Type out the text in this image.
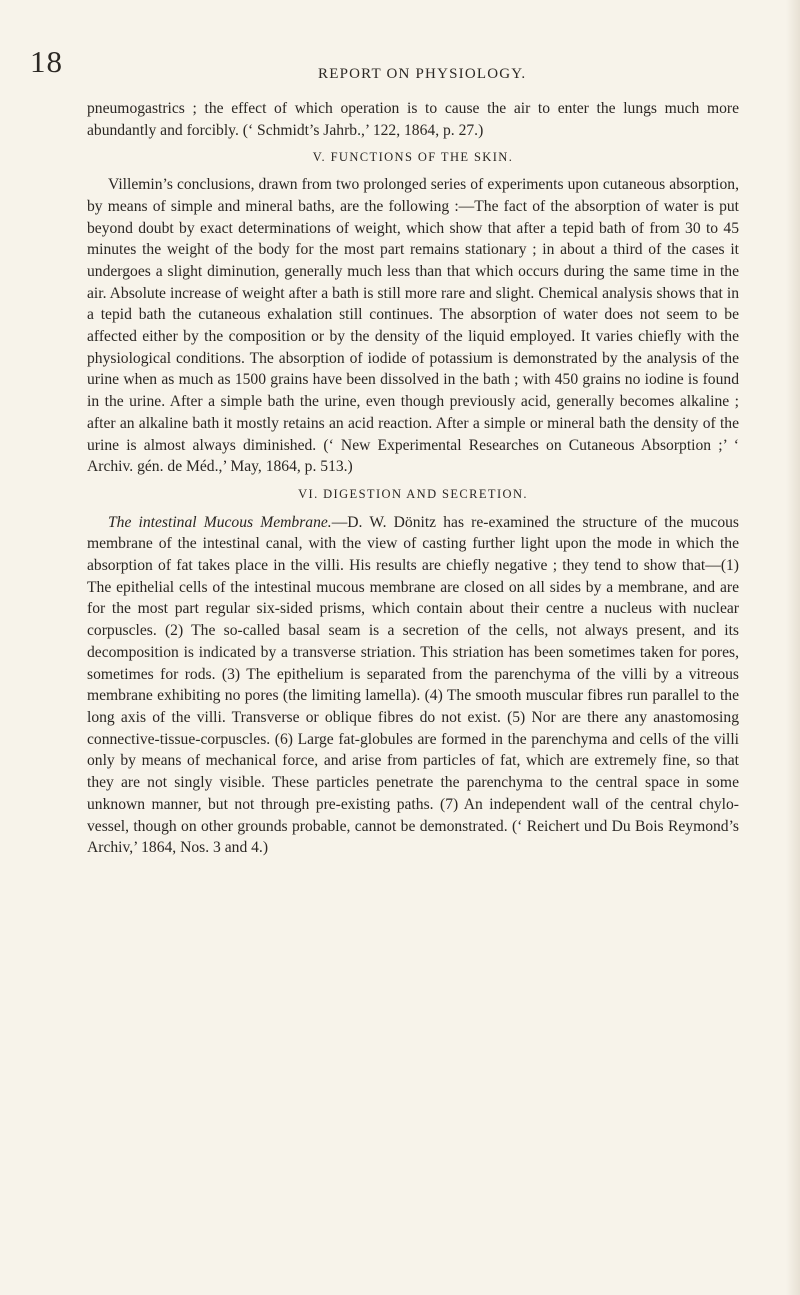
18	REPORT ON PHYSIOLOGY.

pneumogastrics ; the effect of which operation is to cause the air to enter the lungs much more abundantly and forcibly. (‘ Schmidt’s Jahrb.,’ 122, 1864, p. 27.)

V. FUNCTIONS OF THE SKIN.

Villemin’s conclusions, drawn from two prolonged series of experiments upon cutaneous absorption, by means of simple and mineral baths, are the following :—The fact of the absorption of water is put beyond doubt by exact determinations of weight, which show that after a tepid bath of from 30 to 45 minutes the weight of the body for the most part remains stationary ; in about a third of the cases it undergoes a slight diminution, generally much less than that which occurs during the same time in the air. Absolute increase of weight after a bath is still more rare and slight. Chemical analysis shows that in a tepid bath the cutaneous exhalation still continues. The absorption of water does not seem to be affected either by the composition or by the density of the liquid employed. It varies chiefly with the physiological conditions. The absorption of iodide of potassium is demonstrated by the analysis of the urine when as much as 1500 grains have been dissolved in the bath ; with 450 grains no iodine is found in the urine. After a simple bath the urine, even though previously acid, generally becomes alkaline ; after an alkaline bath it mostly retains an acid reaction. After a simple or mineral bath the density of the urine is almost always diminished. (‘ New Experimental Researches on Cutaneous Absorption ;’ ‘ Archiv. gén. de Méd.,’ May, 1864, p. 513.)

VI. DIGESTION AND SECRETION.

The intestinal Mucous Membrane.—D. W. Dönitz has re-examined the structure of the mucous membrane of the intestinal canal, with the view of casting further light upon the mode in which the absorption of fat takes place in the villi. His results are chiefly negative ; they tend to show that—(1) The epithelial cells of the intestinal mucous membrane are closed on all sides by a membrane, and are for the most part regular six-sided prisms, which contain about their centre a nucleus with nuclear corpuscles. (2) The so-called basal seam is a secretion of the cells, not always present, and its decomposition is indicated by a transverse striation. This striation has been sometimes taken for pores, sometimes for rods. (3) The epithelium is separated from the parenchyma of the villi by a vitreous membrane exhibiting no pores (the limiting lamella). (4) The smooth muscular fibres run parallel to the long axis of the villi. Transverse or oblique fibres do not exist. (5) Nor are there any anastomosing connective-tissue-corpuscles. (6) Large fat-globules are formed in the parenchyma and cells of the villi only by means of mechanical force, and arise from particles of fat, which are extremely fine, so that they are not singly visible. These particles penetrate the parenchyma to the central space in some unknown manner, but not through pre-existing paths. (7) An independent wall of the central chylo-vessel, though on other grounds probable, cannot be demonstrated. (‘ Reichert und Du Bois Reymond’s Archiv,’ 1864, Nos. 3 and 4.)
